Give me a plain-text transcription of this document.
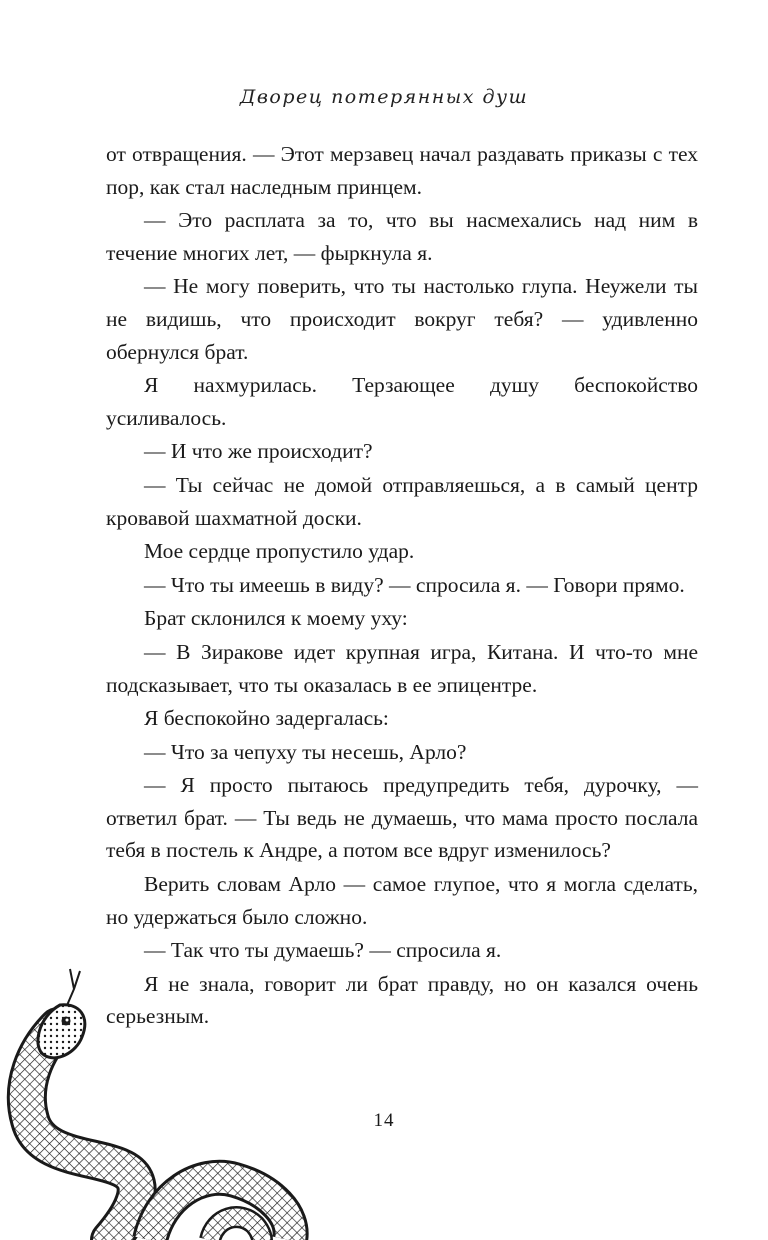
Дворец потерянных душ

от отвращения. — Этот мерзавец начал раздавать приказы с тех пор, как стал наследным принцем.

— Это расплата за то, что вы насмехались над ним в течение многих лет, — фыркнула я.

— Не могу поверить, что ты настолько глупа. Неужели ты не видишь, что происходит вокруг тебя? — удивленно обернулся брат.

Я нахмурилась. Терзающее душу беспокойство усиливалось.

— И что же происходит?

— Ты сейчас не домой отправляешься, а в самый центр кровавой шахматной доски.

Мое сердце пропустило удар.

— Что ты имеешь в виду? — спросила я. — Говори прямо.

Брат склонился к моему уху:

— В Зиракове идет крупная игра, Китана. И что-то мне подсказывает, что ты оказалась в ее эпицентре.

Я беспокойно задергалась:

— Что за чепуху ты несешь, Арло?

— Я просто пытаюсь предупредить тебя, дурочку, — ответил брат. — Ты ведь не думаешь, что мама просто послала тебя в постель к Андре, а потом все вдруг изменилось?

Верить словам Арло — самое глупое, что я могла сделать, но удержаться было сложно.

— Так что ты думаешь? — спросила я.

Я не знала, говорит ли брат правду, но он казался очень серьезным.

14
